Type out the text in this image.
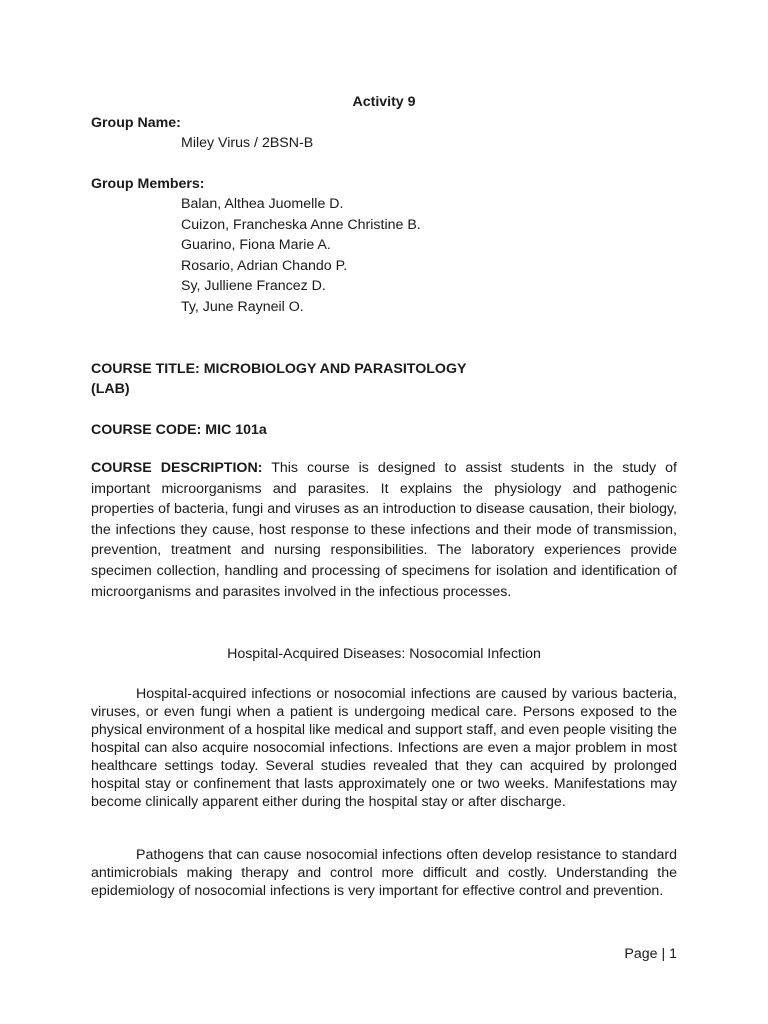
Activity 9
Group Name:
Miley Virus / 2BSN-B
Group Members:
Balan, Althea Juomelle D.
Cuizon, Francheska Anne Christine B.
Guarino, Fiona Marie A.
Rosario, Adrian Chando P.
Sy, Julliene Francez D.
Ty, June Rayneil O.
COURSE TITLE: MICROBIOLOGY AND PARASITOLOGY
(LAB)
COURSE CODE: MIC 101a
COURSE DESCRIPTION: This course is designed to assist students in the study of important microorganisms and parasites. It explains the physiology and pathogenic properties of bacteria, fungi and viruses as an introduction to disease causation, their biology, the infections they cause, host response to these infections and their mode of transmission, prevention, treatment and nursing responsibilities. The laboratory experiences provide specimen collection, handling and processing of specimens for isolation and identification of microorganisms and parasites involved in the infectious processes.
Hospital-Acquired Diseases: Nosocomial Infection
Hospital-acquired infections or nosocomial infections are caused by various bacteria, viruses, or even fungi when a patient is undergoing medical care. Persons exposed to the physical environment of a hospital like medical and support staff, and even people visiting the hospital can also acquire nosocomial infections. Infections are even a major problem in most healthcare settings today. Several studies revealed that they can acquired by prolonged hospital stay or confinement that lasts approximately one or two weeks. Manifestations may become clinically apparent either during the hospital stay or after discharge.
Pathogens that can cause nosocomial infections often develop resistance to standard antimicrobials making therapy and control more difficult and costly. Understanding the epidemiology of nosocomial infections is very important for effective control and prevention.
Page | 1
